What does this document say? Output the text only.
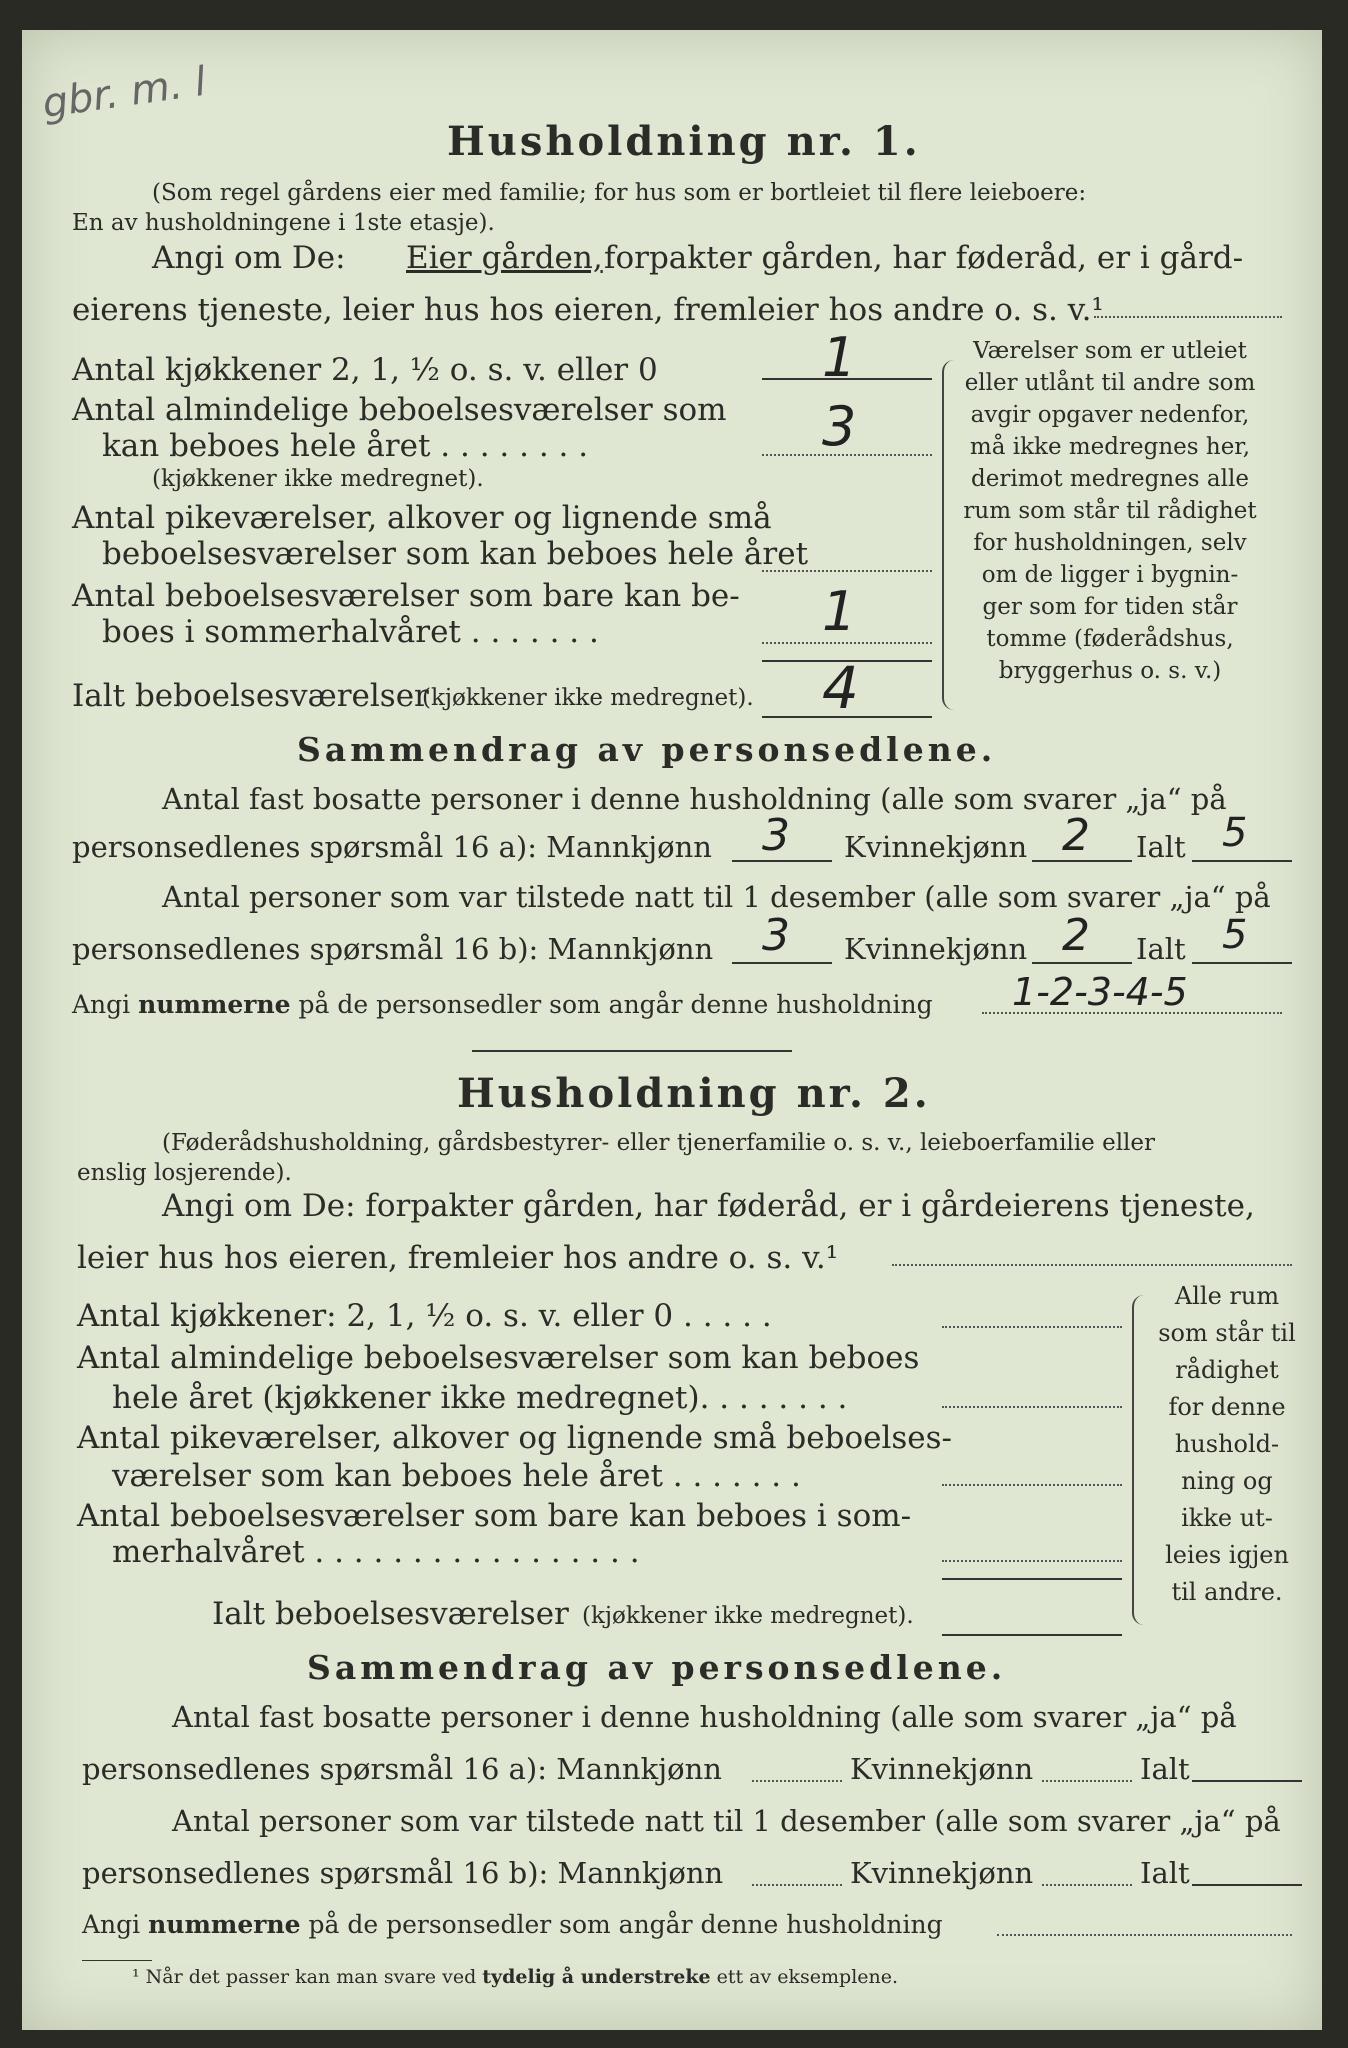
gbr. m. l
Husholdning nr. 1.
(Som regel gårdens eier med familie; for hus som er bortleiet til flere leieboere:
En av husholdningene i 1ste etasje).
Angi om De: Eier gården, forpakter gården, har føderåd, er i gård-
eierens tjeneste, leier hus hos eieren, fremleier hos andre o. s. v.¹
Antal kjøkkener 2, 1, ½ o. s. v. eller 0	1
Antal almindelige beboelsesværelser som
kan beboes hele året . . . . . . . .
(kjøkkener ikke medregnet).
3
Antal pikeværelser, alkover og lignende små
beboelsesværelser som kan beboes hele året
Antal beboelsesværelser som bare kan be-
boes i sommerhalvåret . . . . . . .	1
Ialt beboelsesværelser
(kjøkkener ikke medregnet). 4
Værelser som er utleiet
eller utlånt til andre som
avgir opgaver nedenfor,
må ikke medregnes her,
derimot medregnes alle
rum som står til rådighet
for husholdningen, selv
om de ligger i bygnin-
ger som for tiden står
tomme (føderådshus,
bryggerhus o. s. v.)
Sammendrag av personsedlene.
Antal fast bosatte personer i denne husholdning (alle som svarer „ja“ på
personsedlenes spørsmål 16 a): Mannkjønn 3 Kvinnekjønn 2 Ialt 5
Antal personer som var tilstede natt til 1 desember (alle som svarer „ja“ på
personsedlenes spørsmål 16 b): Mannkjønn 3 Kvinnekjønn 2 Ialt 5
Angi nummerne på de personsedler som angår denne husholdning 1-2-3-4-5
Husholdning nr. 2.
(Føderådshusholdning, gårdsbestyrer- eller tjenerfamilie o. s. v., leieboerfamilie eller
enslig losjerende).
Angi om De: forpakter gården, har føderåd, er i gårdeierens tjeneste,
leier hus hos eieren, fremleier hos andre o. s. v.¹
Antal kjøkkener: 2, 1, ½ o. s. v. eller 0 . . . . .
Antal almindelige beboelsesværelser som kan beboes
hele året (kjøkkener ikke medregnet). . . . . . . .
Antal pikeværelser, alkover og lignende små beboelses-
værelser som kan beboes hele året . . . . . . .
Antal beboelsesværelser som bare kan beboes i som-
merhalvåret . . . . . . . . . . . . . . . . .
Ialt beboelsesværelser (kjøkkener ikke medregnet).
Alle rum
som står til
rådighet
for denne
hushold-
ning og
ikke ut-
leies igjen
til andre.
Sammendrag av personsedlene.
Antal fast bosatte personer i denne husholdning (alle som svarer „ja“ på
personsedlenes spørsmål 16 a): Mannkjønn	Kvinnekjønn	Ialt
Antal personer som var tilstede natt til 1 desember (alle som svarer „ja“ på
personsedlenes spørsmål 16 b): Mannkjønn	Kvinnekjønn	Ialt
Angi nummerne på de personsedler som angår denne husholdning
¹ Når det passer kan man svare ved tydelig å understreke ett av eksemplene.
